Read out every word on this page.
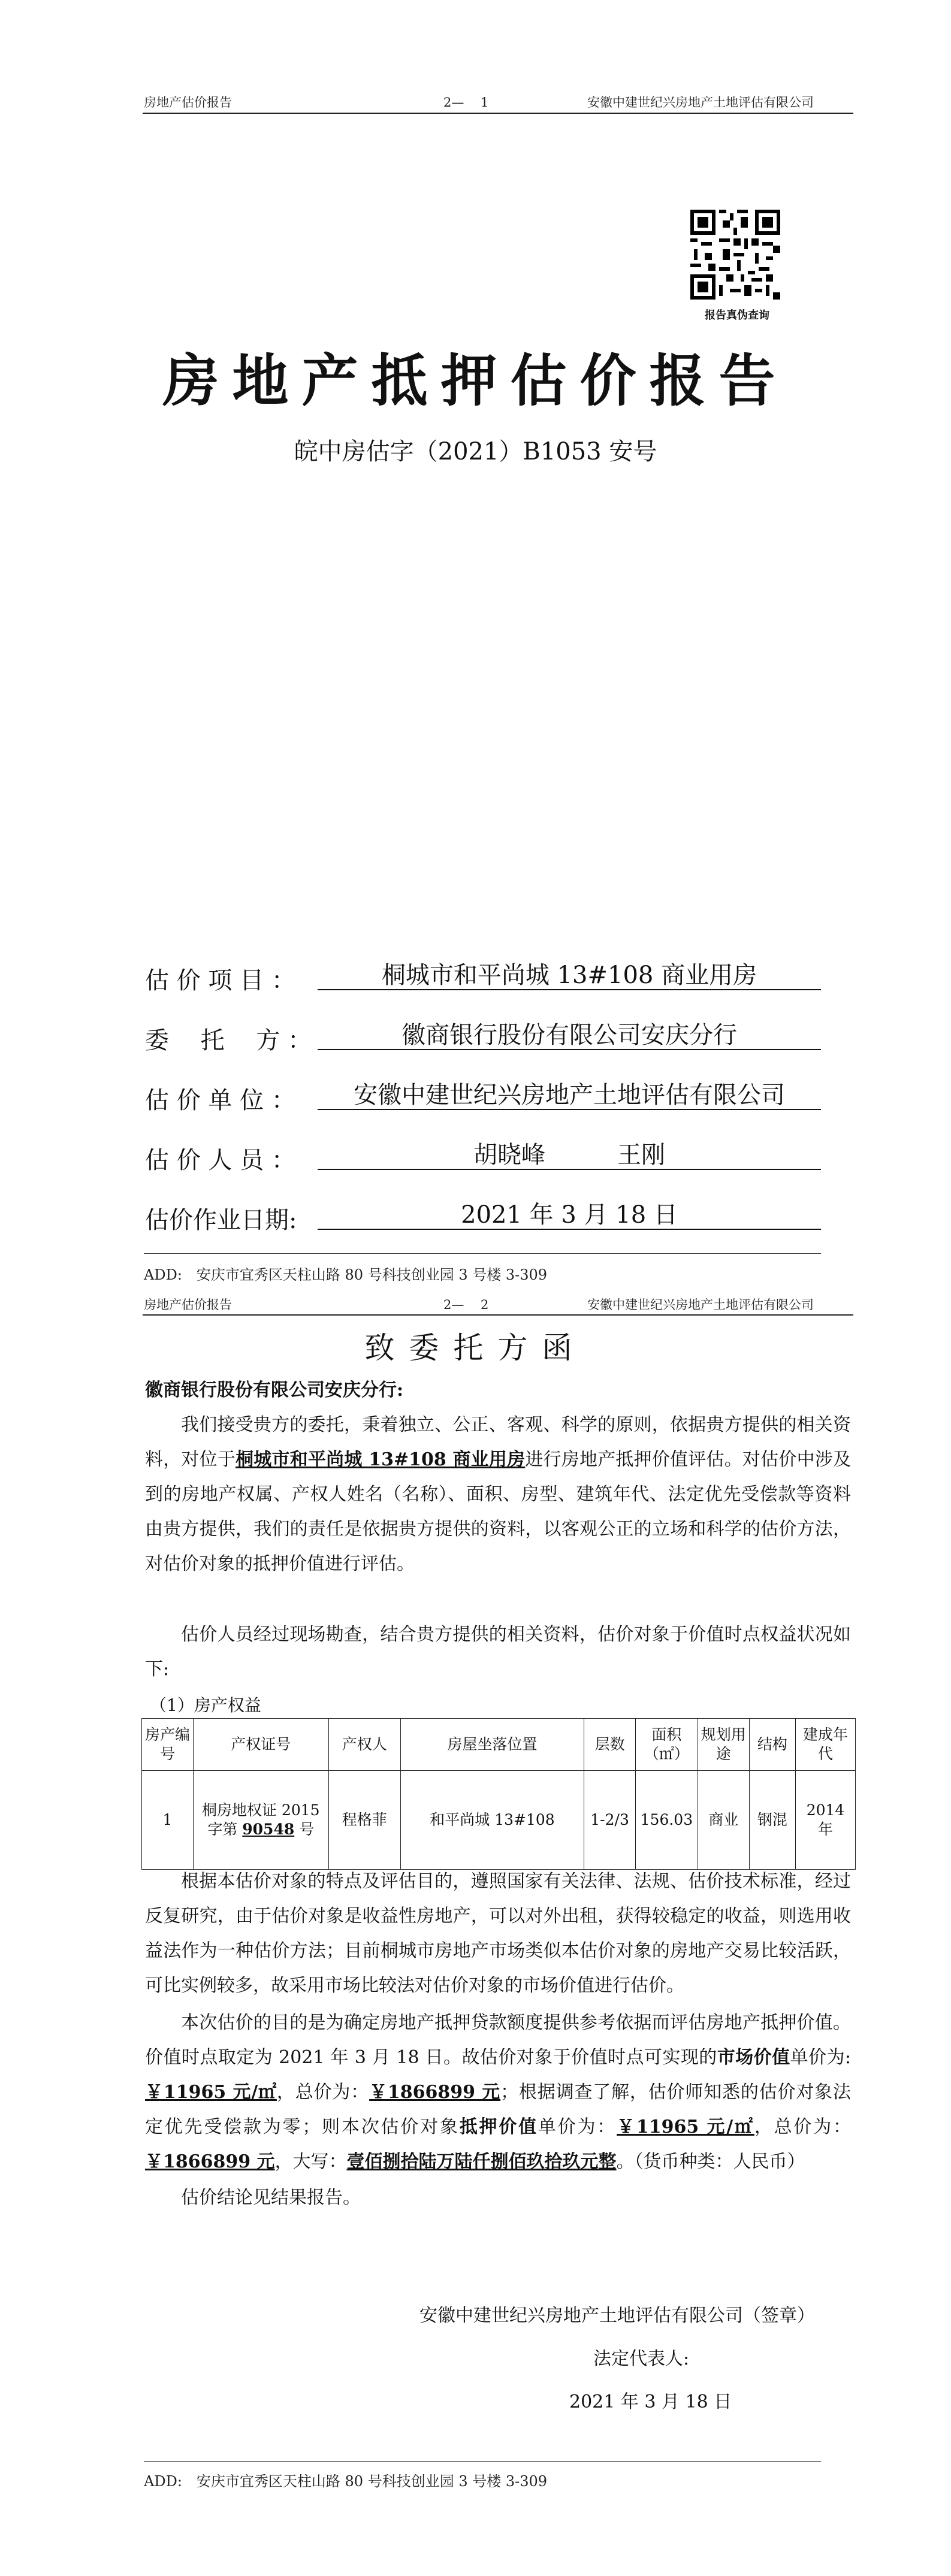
房地产估价报告	2—　 1	安徽中建世纪兴房地产土地评估有限公司
报告真伪查询
房地产抵押估价报告
皖中房估字（2021）B1053 安号
估 价 项 目 ：	桐城市和平尚城 13#108 商业用房
委　 托　 方 ：	徽商银行股份有限公司安庆分行
估 价 单 位 ：	安徽中建世纪兴房地产土地评估有限公司
估 价 人 员 ：	胡晓峰　　　王刚
估价作业日期:	2021 年 3 月 18 日
ADD:　安庆市宜秀区天柱山路 80 号科技创业园 3 号楼 3-309
房地产估价报告	2—　 2	安徽中建世纪兴房地产土地评估有限公司
致委托方函
徽商银行股份有限公司安庆分行:
我们接受贵方的委托，秉着独立、公正、客观、科学的原则，依据贵方提供的相关资料，对位于桐城市和平尚城 13#108 商业用房进行房地产抵押价值评估。对估价中涉及到的房地产权属、产权人姓名（名称）、面积、房型、建筑年代、法定优先受偿款等资料由贵方提供，我们的责任是依据贵方提供的资料，以客观公正的立场和科学的估价方法，对估价对象的抵押价值进行评估。
估价人员经过现场勘查，结合贵方提供的相关资料，估价对象于价值时点权益状况如下:
（1）房产权益
房产编号	产权证号	产权人	房屋坐落位置	层数	面积（㎡）	规划用途	结构	建成年代
1	桐房地权证 2015 字第 90548 号	程格菲	和平尚城 13#108	1-2/3	156.03	商业	钢混	2014 年
根据本估价对象的特点及评估目的，遵照国家有关法律、法规、估价技术标准，经过反复研究，由于估价对象是收益性房地产，可以对外出租，获得较稳定的收益，则选用收益法作为一种估价方法；目前桐城市房地产市场类似本估价对象的房地产交易比较活跃，可比实例较多，故采用市场比较法对估价对象的市场价值进行估价。
本次估价的目的是为确定房地产抵押贷款额度提供参考依据而评估房地产抵押价值。价值时点取定为 2021 年 3 月 18 日。故估价对象于价值时点可实现的市场价值单价为:￥11965 元/㎡，总价为：￥1866899 元；根据调查了解，估价师知悉的估价对象法定优先受偿款为零；则本次估价对象抵押价值单价为：￥11965 元/㎡，总价为：￥1866899 元，大写：壹佰捌拾陆万陆仟捌佰玖拾玖元整。（货币种类：人民币）
估价结论见结果报告。
安徽中建世纪兴房地产土地评估有限公司（签章）
法定代表人:
2021 年 3 月 18 日
ADD:　安庆市宜秀区天柱山路 80 号科技创业园 3 号楼 3-309
